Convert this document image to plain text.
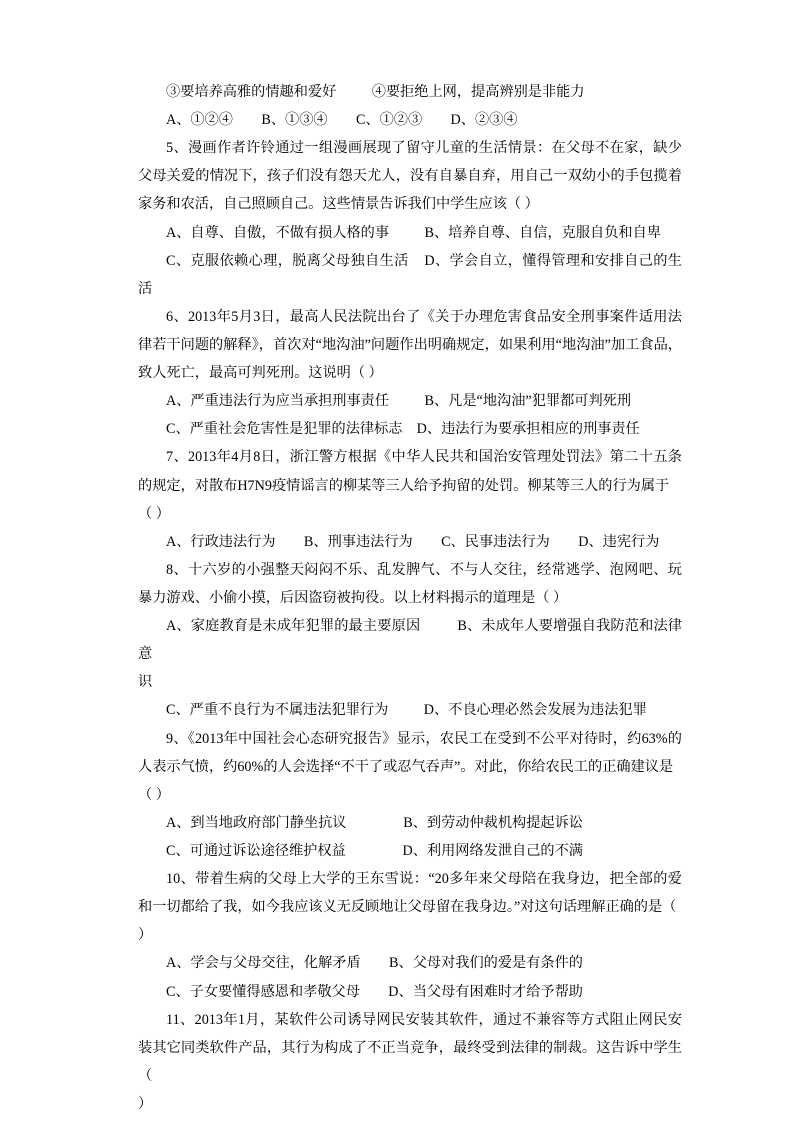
③要培养高雅的情趣和爱好          ④要拒绝上网，提高辨别是非能力

A、①②④        B、①③④        C、①②③        D、②③④

5、漫画作者许铃通过一组漫画展现了留守儿童的生活情景：在父母不在家，缺少父母关爱的情况下，孩子们没有怨天尤人，没有自暴自弃，用自己一双幼小的手包揽着家务和农活，自己照顾自己。这些情景告诉我们中学生应该（ ）

A、自尊、自傲，不做有损人格的事          B、培养自尊、自信，克服自负和自卑

C、克服依赖心理，脱离父母独自生活    D、学会自立，懂得管理和安排自己的生活

6、2013年5月3日，最高人民法院出台了《关于办理危害食品安全刑事案件适用法律若干问题的解释》，首次对“地沟油”问题作出明确规定，如果利用“地沟油”加工食品，致人死亡，最高可判死刑。这说明（ ）

A、严重违法行为应当承担刑事责任          B、凡是“地沟油”犯罪都可判死刑

C、严重社会危害性是犯罪的法律标志    D、违法行为要承担相应的刑事责任

7、2013年4月8日，浙江警方根据《中华人民共和国治安管理处罚法》第二十五条的规定，对散布H7N9疫情谣言的柳某等三人给予拘留的处罚。柳某等三人的行为属于

（ ）

A、行政违法行为        B、刑事违法行为        C、民事违法行为        D、违宪行为

8、十六岁的小强整天闷闷不乐、乱发脾气、不与人交往，经常逃学、泡网吧、玩暴力游戏、小偷小摸，后因盗窃被拘役。以上材料揭示的道理是（ ）

A、家庭教育是未成年犯罪的最主要原因          B、未成年人要增强自我防范和法律意

识

C、严重不良行为不属违法犯罪行为          D、不良心理必然会发展为违法犯罪

9、《2013年中国社会心态研究报告》显示，农民工在受到不公平对待时，约63%的人表示气愤，约60%的人会选择“不干了或忍气吞声”。对此，你给农民工的正确建议是

（ ）

A、到当地政府部门静坐抗议                B、到劳动仲裁机构提起诉讼

C、可通过诉讼途径维护权益                D、利用网络发泄自己的不满

10、带着生病的父母上大学的王东雪说：“20多年来父母陪在我身边，把全部的爱和一切都给了我，如今我应该义无反顾地让父母留在我身边。”对这句话理解正确的是（

）

A、学会与父母交往，化解矛盾        B、父母对我们的爱是有条件的

C、子女要懂得感恩和孝敬父母        D、当父母有困难时才给予帮助

11、2013年1月，某软件公司诱导网民安装其软件，通过不兼容等方式阻止网民安装其它同类软件产品，其行为构成了不正当竞争，最终受到法律的制裁。这告诉中学生（

）
